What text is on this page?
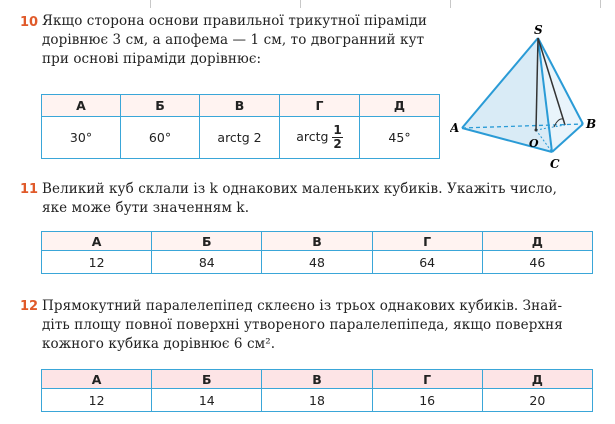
10 Якщо сторона основи правильної трикутної піраміди
дорівнює 3 см, а апофема — 1 см, то двогранний кут
при основі піраміди дорівнює:
А	Б	В	Г	Д
30°	60°	arctg 2	arctg $\frac{1}{2}$	45°
S
A	B
C
O
11 Великий куб склали із k однакових маленьких кубиків. Укажіть число,
яке може бути значенням k.
А	Б	В	Г	Д
12	84	48	64	46
12 Прямокутний паралелепіпед склеєно із трьох однакових кубиків. Знай-
діть площу повної поверхні утвореного паралелепіпеда, якщо поверхня
кожного кубика дорівнює 6 см².
А	Б	В	Г	Д
12	14	18	16	20
